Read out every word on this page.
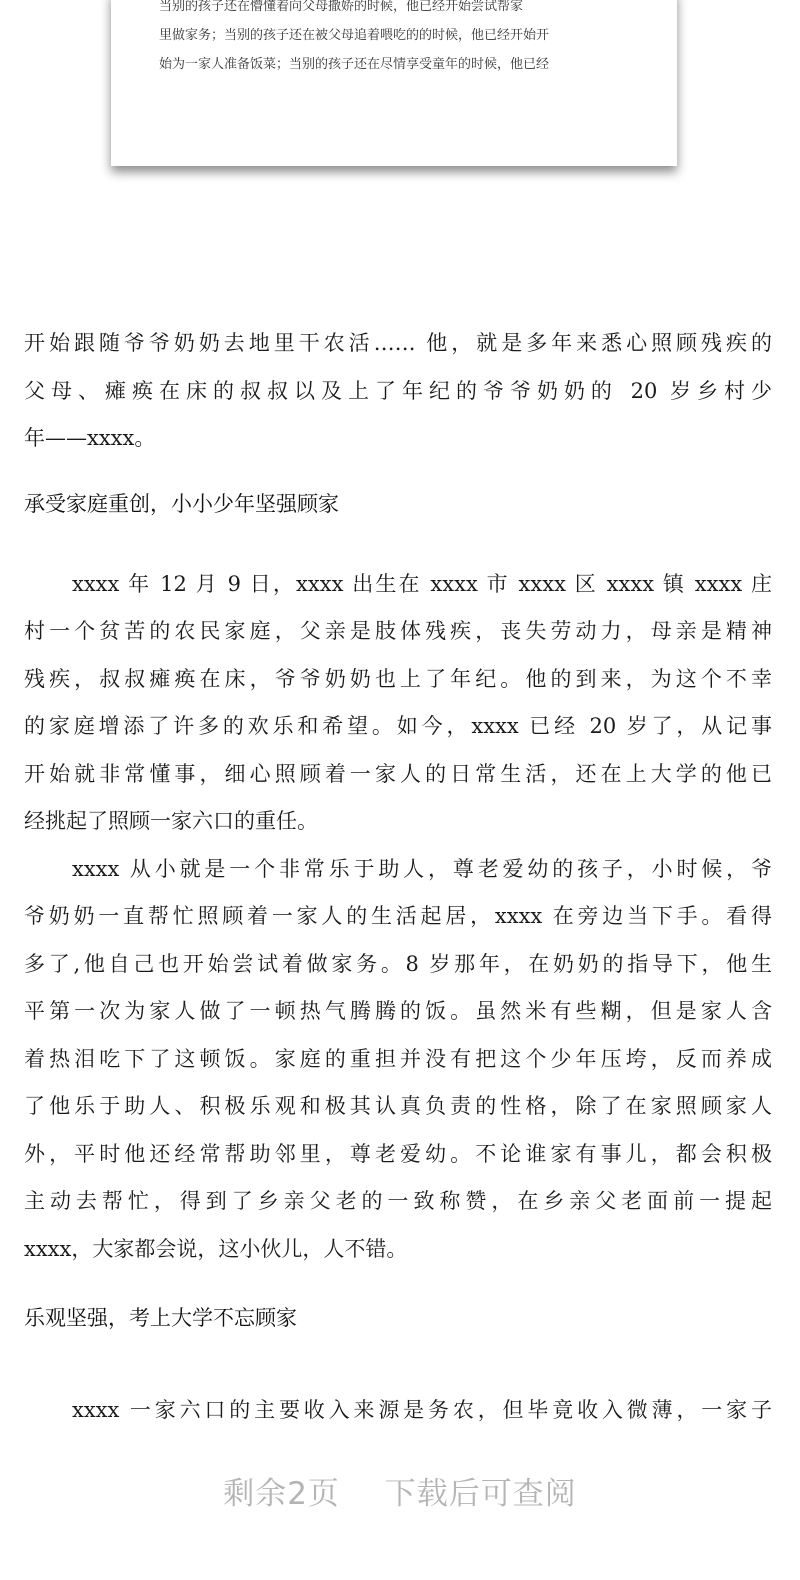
当别的孩子还在懵懂着向父母撒娇的时候，他已经开始尝试帮家
里做家务；当别的孩子还在被父母追着喂吃的的时候，他已经开始开
始为一家人准备饭菜；当别的孩子还在尽情享受童年的时候，他已经
开始跟随爷爷奶奶去地里干农活…… 他，就是多年来悉心照顾残疾的
父母、瘫痪在床的叔叔以及上了年纪的爷爷奶奶的 20 岁乡村少
年——xxxx。
承受家庭重创，小小少年坚强顾家
xxxx 年 12 月 9 日，xxxx 出生在 xxxx 市 xxxx 区 xxxx 镇 xxxx 庄
村一个贫苦的农民家庭，父亲是肢体残疾，丧失劳动力，母亲是精神
残疾，叔叔瘫痪在床，爷爷奶奶也上了年纪。他的到来，为这个不幸
的家庭增添了许多的欢乐和希望。如今，xxxx 已经 20 岁了，从记事
开始就非常懂事，细心照顾着一家人的日常生活，还在上大学的他已
经挑起了照顾一家六口的重任。
xxxx 从小就是一个非常乐于助人，尊老爱幼的孩子，小时候，爷
爷奶奶一直帮忙照顾着一家人的生活起居，xxxx 在旁边当下手。看得
多了,他自己也开始尝试着做家务。8 岁那年，在奶奶的指导下，他生
平第一次为家人做了一顿热气腾腾的饭。虽然米有些糊，但是家人含
着热泪吃下了这顿饭。家庭的重担并没有把这个少年压垮，反而养成
了他乐于助人、积极乐观和极其认真负责的性格，除了在家照顾家人
外，平时他还经常帮助邻里，尊老爱幼。不论谁家有事儿，都会积极
主动去帮忙，得到了乡亲父老的一致称赞，在乡亲父老面前一提起
xxxx，大家都会说，这小伙儿，人不错。
乐观坚强，考上大学不忘顾家
xxxx 一家六口的主要收入来源是务农，但毕竟收入微薄，一家子
剩余2页 下载后可查阅
